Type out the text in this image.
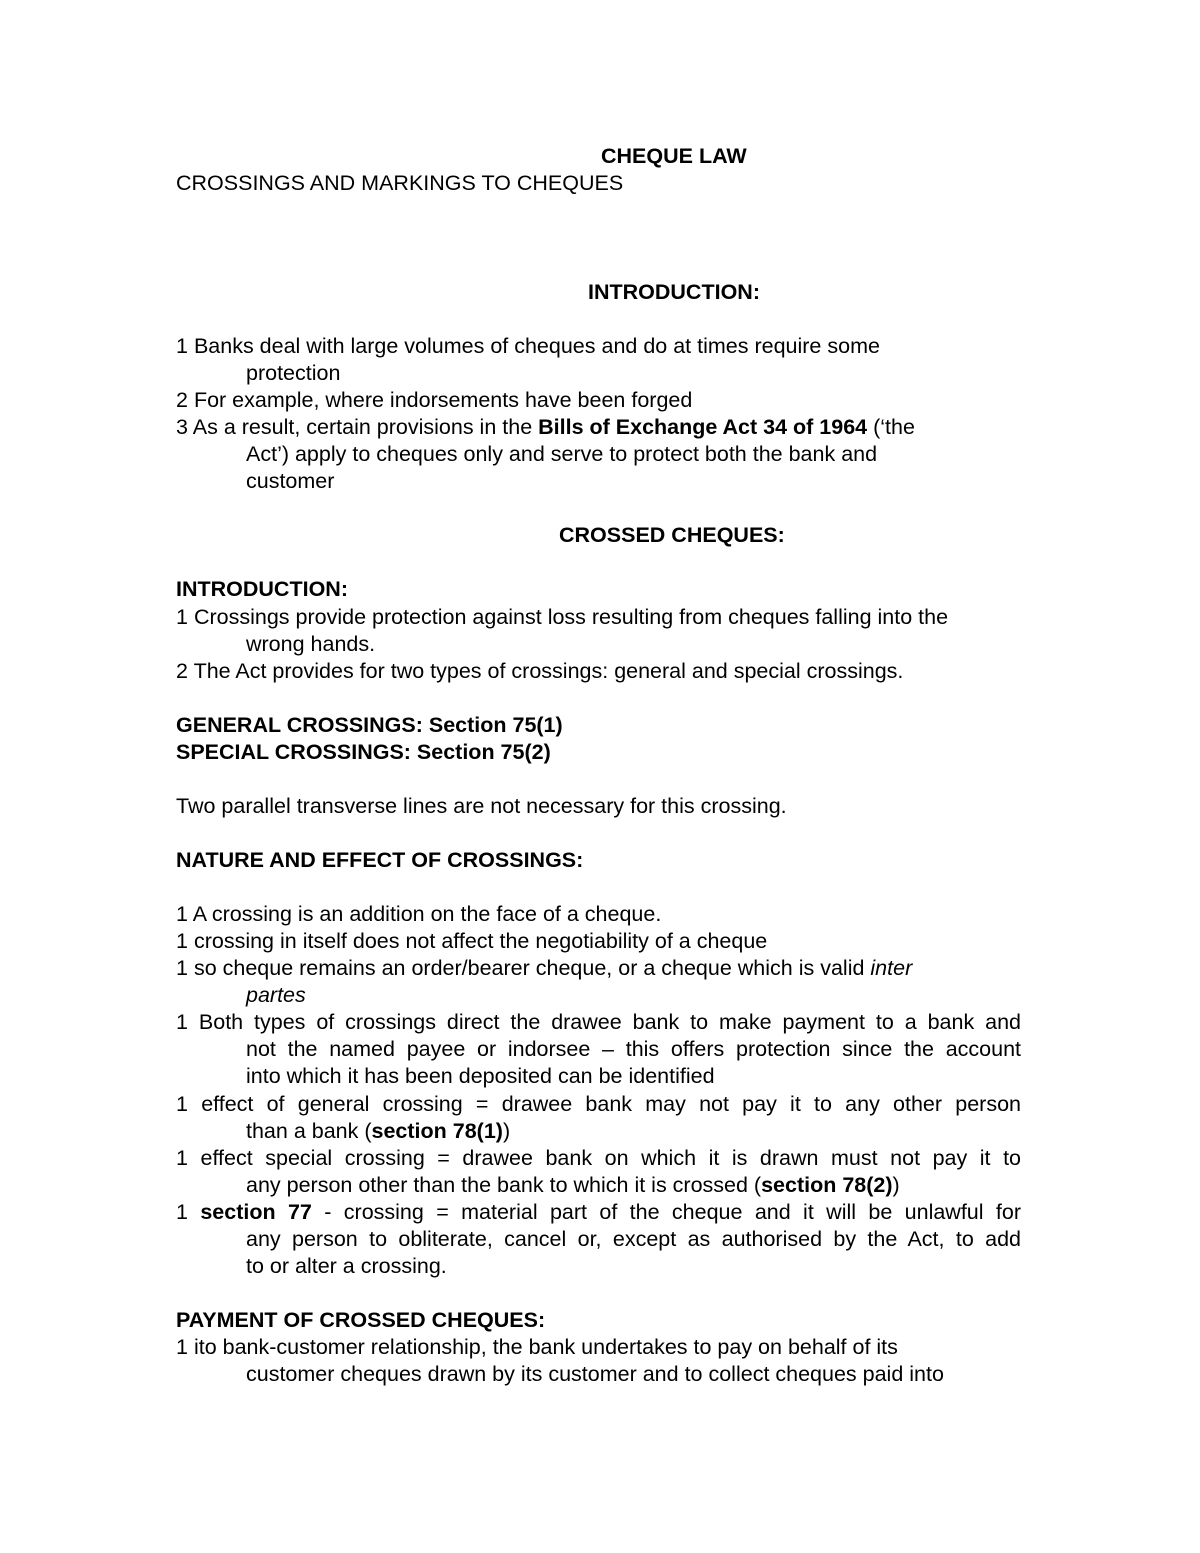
CHEQUE LAW

CROSSINGS AND MARKINGS TO CHEQUES

INTRODUCTION:

1 Banks deal with large volumes of cheques and do at times require some

protection

2 For example, where indorsements have been forged

3 As a result, certain provisions in the Bills of Exchange Act 34 of 1964 (‘the

Act’) apply to cheques only and serve to protect both the bank and

customer

CROSSED CHEQUES:

INTRODUCTION:

1 Crossings provide protection against loss resulting from cheques falling into the

wrong hands.

2 The Act provides for two types of crossings: general and special crossings.

GENERAL CROSSINGS: Section 75(1)

SPECIAL CROSSINGS: Section 75(2)

Two parallel transverse lines are not necessary for this crossing.

NATURE AND EFFECT OF CROSSINGS:

1 A crossing is an addition on the face of a cheque.

1 crossing in itself does not affect the negotiability of a cheque

1 so cheque remains an order/bearer cheque, or a cheque which is valid inter

partes

1 Both types of crossings direct the drawee bank to make payment to a bank and

not the named payee or indorsee – this offers protection since the account

into which it has been deposited can be identified

1 effect of general crossing = drawee bank may not pay it to any other person

than a bank (section 78(1))

1 effect special crossing = drawee bank on which it is drawn must not pay it to

any person other than the bank to which it is crossed (section 78(2))

1 section 77 - crossing = material part of the cheque and it will be unlawful for

any person to obliterate, cancel or, except as authorised by the Act, to add

to or alter a crossing.

PAYMENT OF CROSSED CHEQUES:

1 ito bank-customer relationship, the bank undertakes to pay on behalf of its

customer cheques drawn by its customer and to collect cheques paid into
